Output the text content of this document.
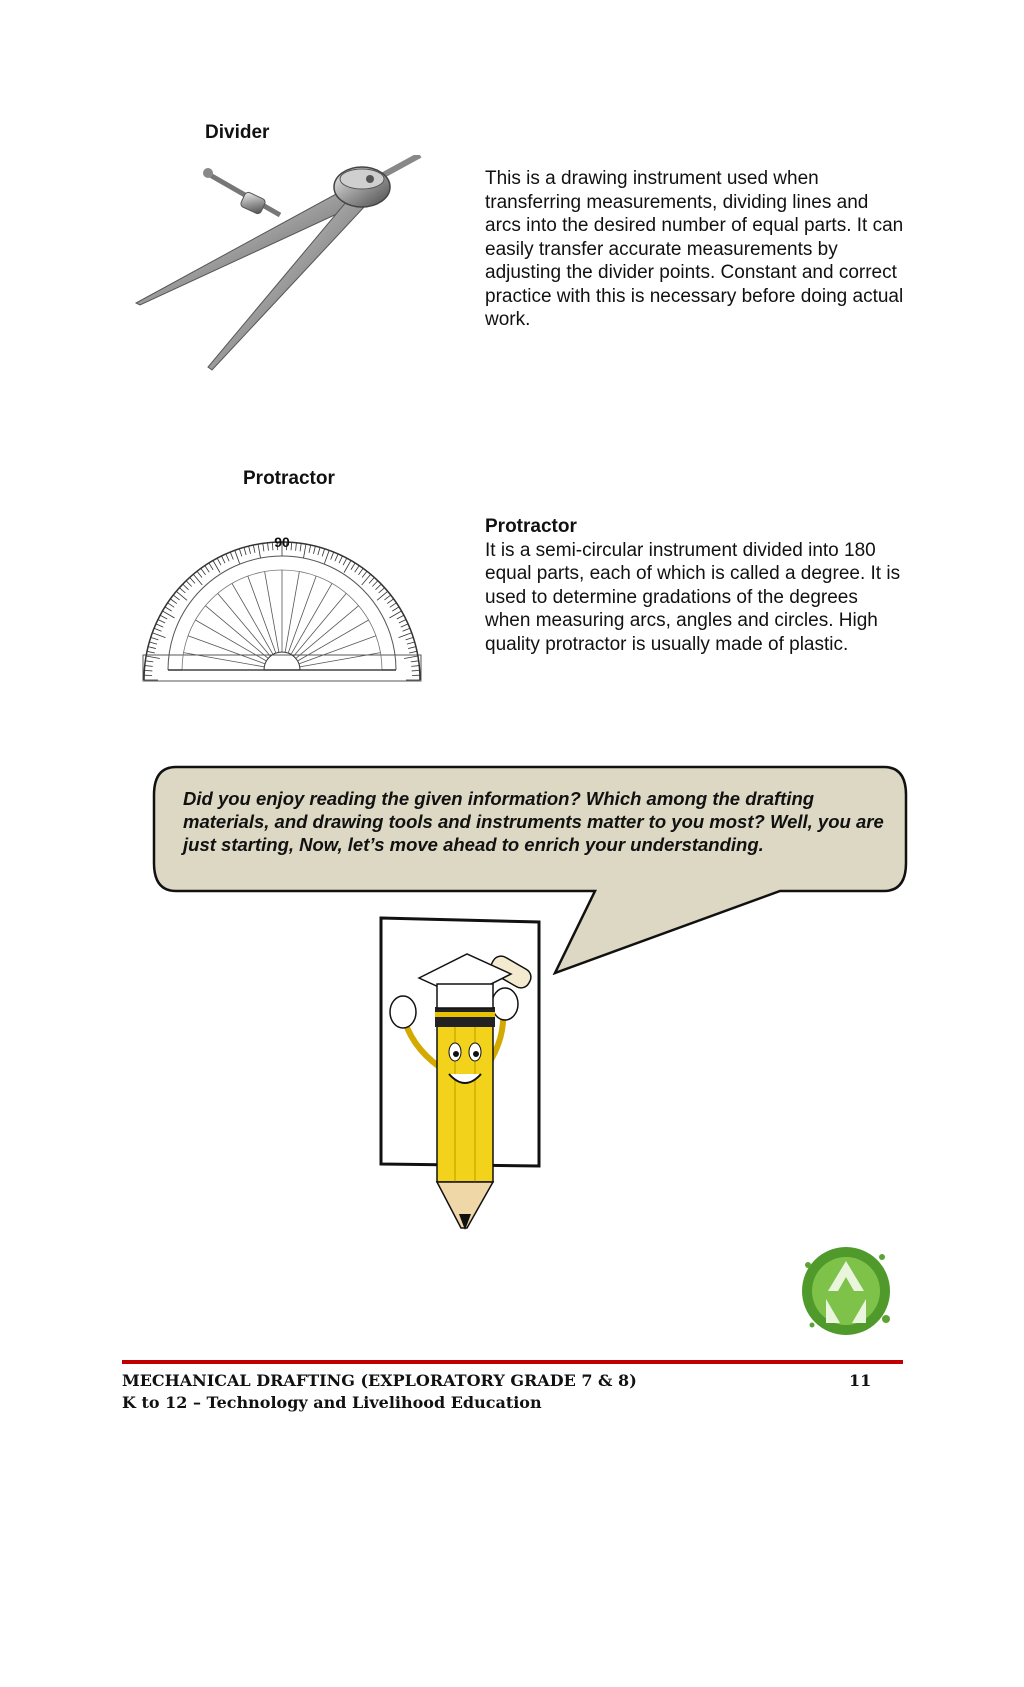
Divider
This is a drawing instrument used when transferring measurements, dividing lines and arcs into the desired number of equal parts. It can easily transfer accurate measurements by adjusting the divider points. Constant and correct practice with this is necessary before doing actual work.
Protractor
90
Protractor
It is a semi-circular instrument divided into 180 equal parts, each of which is called a degree. It is used to determine gradations of the degrees when measuring arcs, angles and circles. High quality protractor is usually made of plastic.
Did you enjoy reading the given information? Which among the drafting materials, and drawing tools and instruments matter to you most? Well, you are just starting, Now, let’s move ahead to enrich your understanding.
MECHANICAL DRAFTING (EXPLORATORY GRADE 7 & 8)	11
K to 12 – Technology and Livelihood Education
